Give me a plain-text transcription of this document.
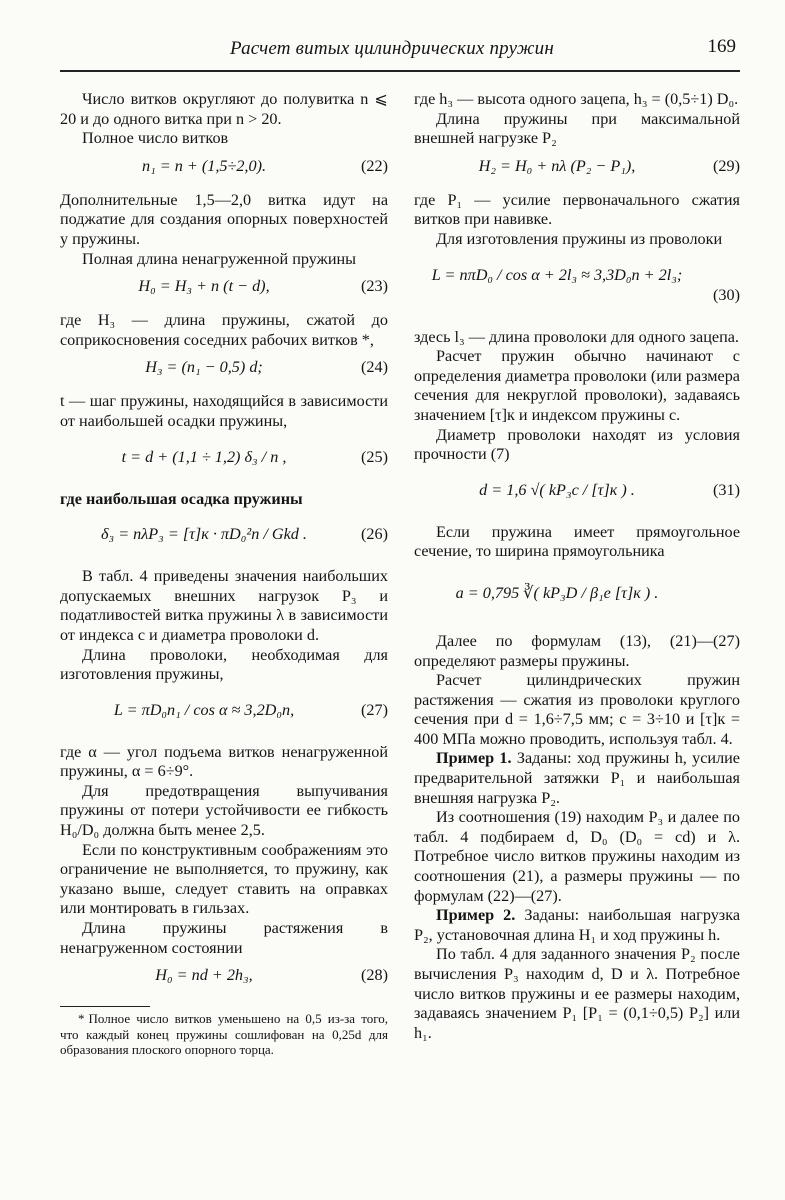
Расчет витых цилиндрических пружин	169

Число витков округляют до полувитка n ⩽ 20 и до одного витка при n > 20.

Полное число витков

n₁ = n + (1,5÷2,0).	(22)

Дополнительные 1,5—2,0 витка идут на поджатие для создания опорных поверхностей у пружины.

Полная длина ненагруженной пружины

H₀ = H₃ + n (t − d),	(23)

где H₃ — длина пружины, сжатой до соприкосновения соседних рабочих витков *,

H₃ = (n₁ − 0,5) d;	(24)

t — шаг пружины, находящийся в зависимости от наибольшей осадки пружины,

t = d + (1,1 ÷ 1,2) δ₃ / n ,	(25)

где наибольшая осадка пружины

δ₃ = nλP₃ = [τ]к · πD₀²n / Gkd .	(26)

В табл. 4 приведены значения наибольших допускаемых внешних нагрузок P₃ и податливостей витка пружины λ в зависимости от индекса c и диаметра проволоки d.

Длина проволоки, необходимая для изготовления пружины,

L = πD₀n₁ / cos α ≈ 3,2D₀n,	(27)

где α — угол подъема витков ненагруженной пружины, α = 6÷9°.

Для предотвращения выпучивания пружины от потери устойчивости ее гибкость H₀/D₀ должна быть менее 2,5.

Если по конструктивным соображениям это ограничение не выполняется, то пружину, как указано выше, следует ставить на оправках или монтировать в гильзах.

Длина пружины растяжения в ненагруженном состоянии

H₀ = nd + 2h₃,	(28)

* Полное число витков уменьшено на 0,5 из-за того, что каждый конец пружины сошлифован на 0,25d для образования плоского опорного торца.

где h₃ — высота одного зацепа, h₃ = (0,5÷1) D₀.

Длина пружины при максимальной внешней нагрузке P₂

H₂ = H₀ + nλ (P₂ − P₁),	(29)

где P₁ — усилие первоначального сжатия витков при навивке.

Для изготовления пружины из проволоки

L = nπD₀ / cos α + 2l₃ ≈ 3,3D₀n + 2l₃;
(30)

здесь l₃ — длина проволоки для одного зацепа.

Расчет пружин обычно начинают с определения диаметра проволоки (или размера сечения для некруглой проволоки), задаваясь значением [τ]к и индексом пружины c.

Диаметр проволоки находят из условия прочности (7)

d = 1,6 √( kP₃c / [τ]к ) .	(31)

Если пружина имеет прямоугольное сечение, то ширина прямоугольника

a = 0,795 ∛( kP₃D / β₁e [τ]к ) .

Далее по формулам (13), (21)—(27) определяют размеры пружины.

Расчет цилиндрических пружин растяжения — сжатия из проволоки круглого сечения при d = 1,6÷7,5 мм; c = 3÷10 и [τ]к = 400 МПа можно проводить, используя табл. 4.

Пример 1. Заданы: ход пружины h, усилие предварительной затяжки P₁ и наибольшая внешняя нагрузка P₂.

Из соотношения (19) находим P₃ и далее по табл. 4 подбираем d, D₀ (D₀ = cd) и λ. Потребное число витков пружины находим из соотношения (21), а размеры пружины — по формулам (22)—(27).

Пример 2. Заданы: наибольшая нагрузка P₂, установочная длина H₁ и ход пружины h.

По табл. 4 для заданного значения P₂ после вычисления P₃ находим d, D и λ. Потребное число витков пружины и ее размеры находим, задаваясь значением P₁ [P₁ = (0,1÷0,5) P₂] или h₁.
